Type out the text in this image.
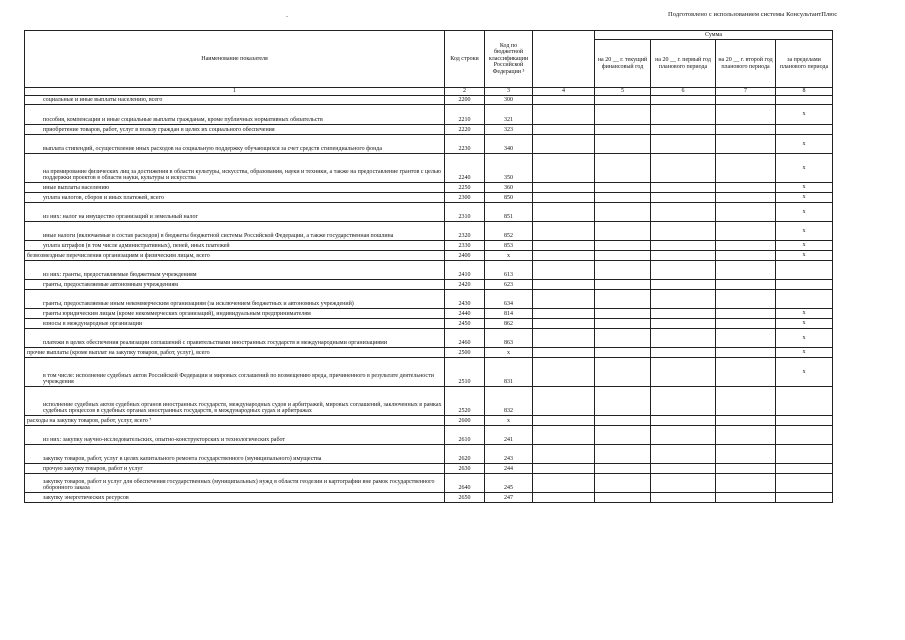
-	Подготовлено с использованием системы КонсультантПлюс
Наименование показателя	Код строки	Код по бюджетной классификации Российской Федерации ³		Сумма			
				на 20 __ г. текущий финансовый год	на 20 __ г. первый год планового периода	на 20 __ г. второй год планового периода	за пределами планового периода
1	2	3	4	5	6	7	8
социальные и иные выплаты населению, всего	2200	300					
пособия, компенсации и иные социальные выплаты гражданам, кроме публичных нормативных обязательств	2210	321					x
приобретение товаров, работ, услуг в пользу граждан в целях их социального обеспечения	2220	323					
выплата стипендий, осуществление иных расходов на социальную поддержку обучающихся за счет средств стипендиального фонда	2230	340					x
на премирование физических лиц за достижения в области культуры, искусства, образования, науки и техники, а также на предоставление грантов с целью поддержки проектов в области науки, культуры и искусства	2240	350					x
иные выплаты населению	2250	360					x
уплата налогов, сборов и иных платежей, всего	2300	850					x
из них: налог на имущество организаций и земельный налог	2310	851					x
иные налоги (включаемые в состав расходов) в бюджеты бюджетной системы Российской Федерации, а также государственная пошлина	2320	852					x
уплата штрафов (в том числе административных), пеней, иных платежей	2330	853					x
безвозмездные перечисления организациям и физическим лицам, всего	2400	x					x
из них: гранты, предоставляемые бюджетным учреждениям	2410	613					
гранты, предоставляемые автономным учреждениям	2420	623					
гранты, предоставляемые иным некоммерческим организациям (за исключением бюджетных и автономных учреждений)	2430	634					
гранты юридическим лицам (кроме некоммерческих организаций), индивидуальным предпринимателям	2440	814					x
взносы в международные организации	2450	862					x
платежи в целях обеспечения реализации соглашений с правительствами иностранных государств и международными организациями	2460	863					x
прочие выплаты (кроме выплат на закупку товаров, работ, услуг), всего	2500	x					x
в том числе: исполнение судебных актов Российской Федерации и мировых соглашений по возмещению вреда, причиненного в результате деятельности учреждения	2510	831					x
исполнение судебных актов судебных органов иностранных государств, международных судов и арбитражей, мировых соглашений, заключенных в рамках судебных процессов в судебных органах иностранных государств, в международных судах и арбитражах	2520	832					
расходы на закупку товаров, работ, услуг, всего ⁷	2600	x					
из них: закупку научно-исследовательских, опытно-конструкторских и технологических работ	2610	241					
закупку товаров, работ, услуг в целях капитального ремонта государственного (муниципального) имущества	2620	243					
прочую закупку товаров, работ и услуг	2630	244					
закупку товаров, работ и услуг для обеспечения государственных (муниципальных) нужд в области геодезии и картографии вне рамок государственного оборонного заказа	2640	245					
закупку энергетических ресурсов	2650	247					
